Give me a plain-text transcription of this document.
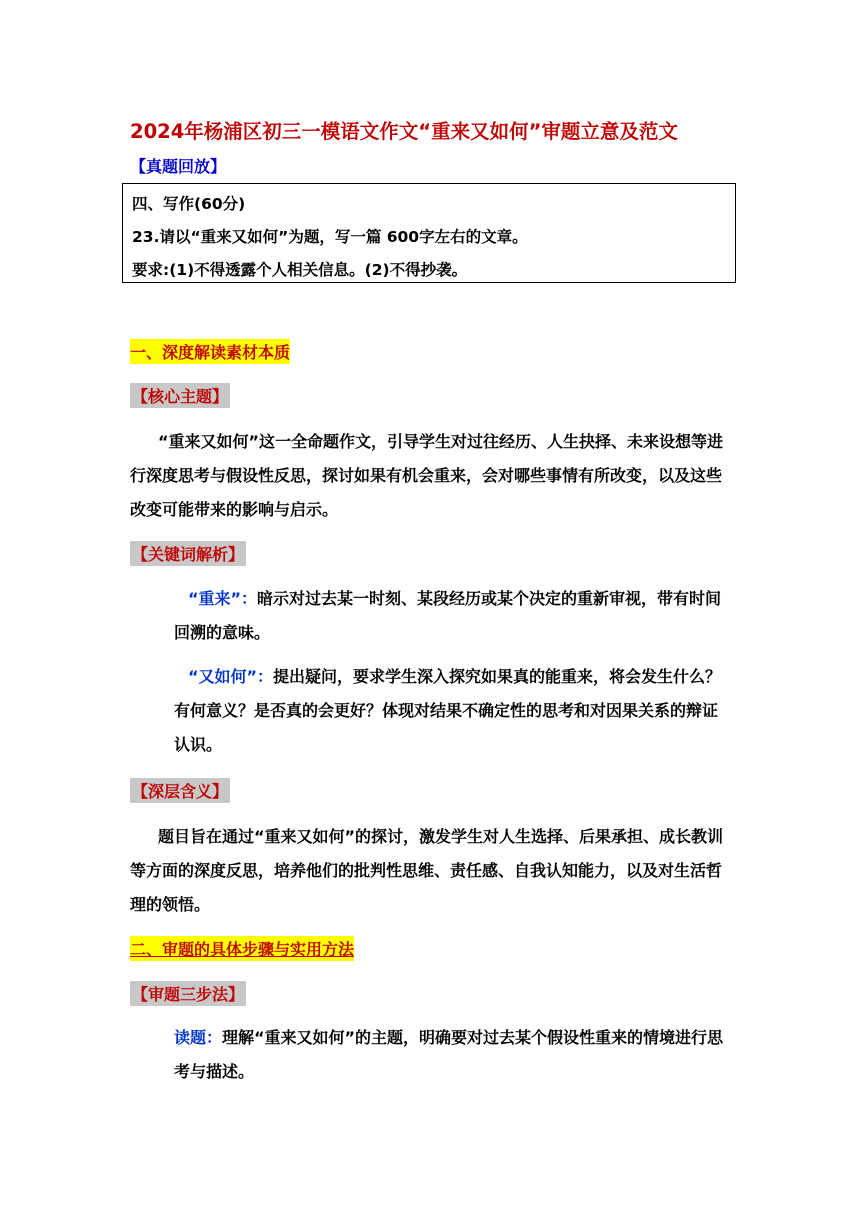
2024年杨浦区初三一模语文作文“重来又如何”审题立意及范文
【真题回放】
四、写作(60分)
23.请以“重来又如何”为题，写一篇 600字左右的文章。
要求:(1)不得透露个人相关信息。(2)不得抄袭。
一、深度解读素材本质
【核心主题】
“重来又如何”这一全命题作文，引导学生对过往经历、人生抉择、未来设想等进行深度思考与假设性反思，探讨如果有机会重来，会对哪些事情有所改变，以及这些改变可能带来的影响与启示。
【关键词解析】
“重来”：暗示对过去某一时刻、某段经历或某个决定的重新审视，带有时间回溯的意味。
“又如何”：提出疑问，要求学生深入探究如果真的能重来，将会发生什么？有何意义？是否真的会更好？体现对结果不确定性的思考和对因果关系的辩证认识。
【深层含义】
题目旨在通过“重来又如何”的探讨，激发学生对人生选择、后果承担、成长教训等方面的深度反思，培养他们的批判性思维、责任感、自我认知能力，以及对生活哲理的领悟。
二、审题的具体步骤与实用方法
【审题三步法】
读题：理解“重来又如何”的主题，明确要对过去某个假设性重来的情境进行思考与描述。
